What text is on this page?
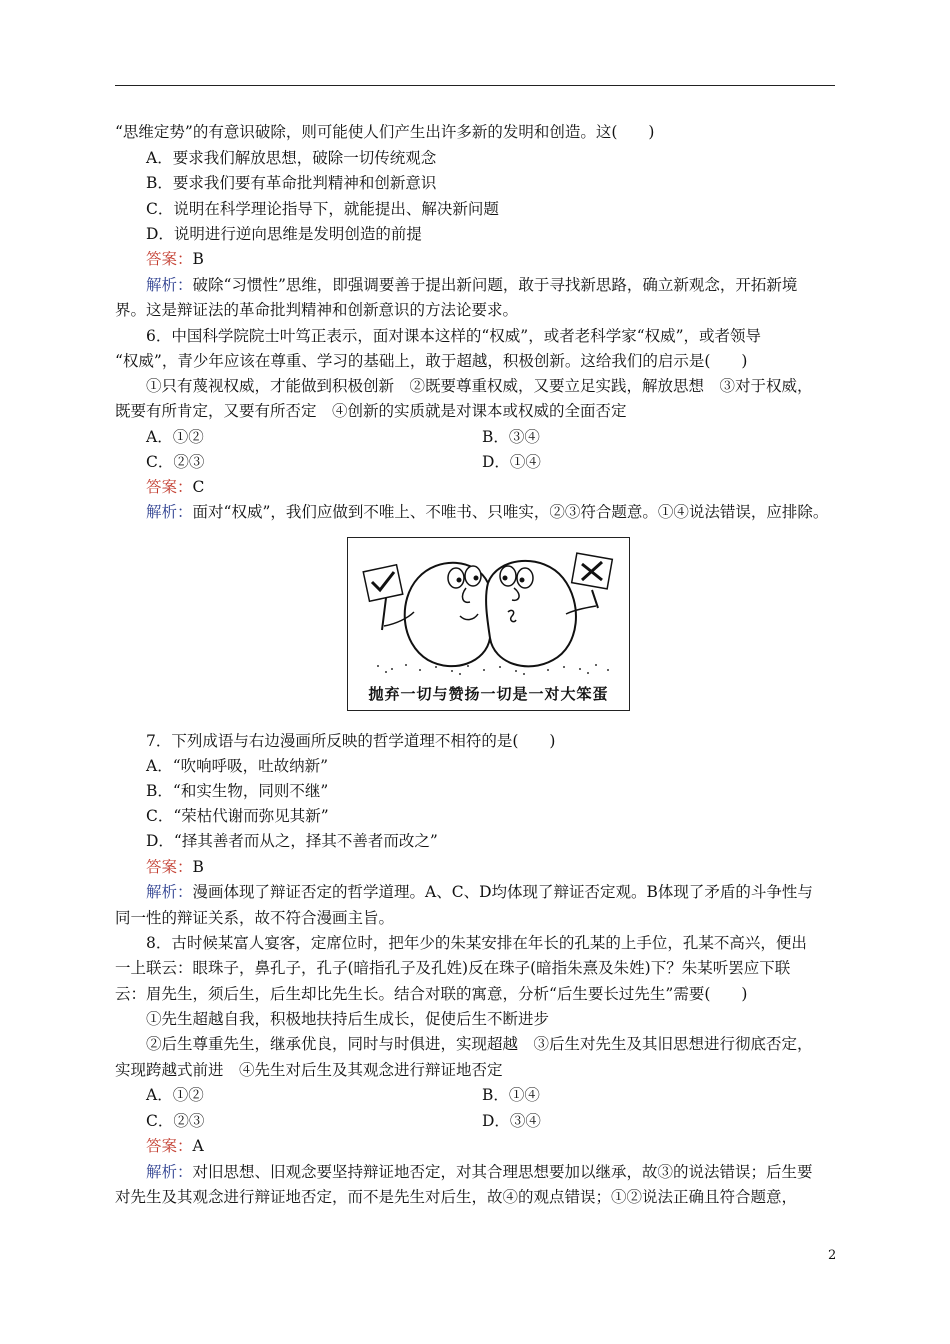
“思维定势”的有意识破除，则可能使人们产生出许多新的发明和创造。这(　　)
A．要求我们解放思想，破除一切传统观念
B．要求我们要有革命批判精神和创新意识
C．说明在科学理论指导下，就能提出、解决新问题
D．说明进行逆向思维是发明创造的前提
答案：B
解析：破除“习惯性”思维，即强调要善于提出新问题，敢于寻找新思路，确立新观念，开拓新境
界。这是辩证法的革命批判精神和创新意识的方法论要求。
6．中国科学院院士叶笃正表示，面对课本这样的“权威”，或者老科学家“权威”，或者领导
“权威”，青少年应该在尊重、学习的基础上，敢于超越，积极创新。这给我们的启示是(　　)
①只有蔑视权威，才能做到积极创新　②既要尊重权威，又要立足实践，解放思想　③对于权威，
既要有所肯定，又要有所否定　④创新的实质就是对课本或权威的全面否定
A．①②	B．③④
C．②③	D．①④
答案：C
解析：面对“权威”，我们应做到不唯上、不唯书、只唯实，②③符合题意。①④说法错误，应排除。
抛弃一切与赞扬一切是一对大笨蛋
7．下列成语与右边漫画所反映的哲学道理不相符的是(　　)
A．“吹响呼吸，吐故纳新”
B．“和实生物，同则不继”
C．“荣枯代谢而弥见其新”
D．“择其善者而从之，择其不善者而改之”
答案：B
解析：漫画体现了辩证否定的哲学道理。A、C、D均体现了辩证否定观。B体现了矛盾的斗争性与
同一性的辩证关系，故不符合漫画主旨。
8．古时候某富人宴客，定席位时，把年少的朱某安排在年长的孔某的上手位，孔某不高兴，便出
一上联云：眼珠子，鼻孔子，孔子(暗指孔子及孔姓)反在珠子(暗指朱熹及朱姓)下？朱某听罢应下联
云：眉先生，须后生，后生却比先生长。结合对联的寓意，分析“后生要长过先生”需要(　　)
①先生超越自我，积极地扶持后生成长，促使后生不断进步
②后生尊重先生，继承优良，同时与时俱进，实现超越　③后生对先生及其旧思想进行彻底否定，
实现跨越式前进　④先生对后生及其观念进行辩证地否定
A．①②	B．①④
C．②③	D．③④
答案：A
解析：对旧思想、旧观念要坚持辩证地否定，对其合理思想要加以继承，故③的说法错误；后生要
对先生及其观念进行辩证地否定，而不是先生对后生，故④的观点错误；①②说法正确且符合题意，
2
